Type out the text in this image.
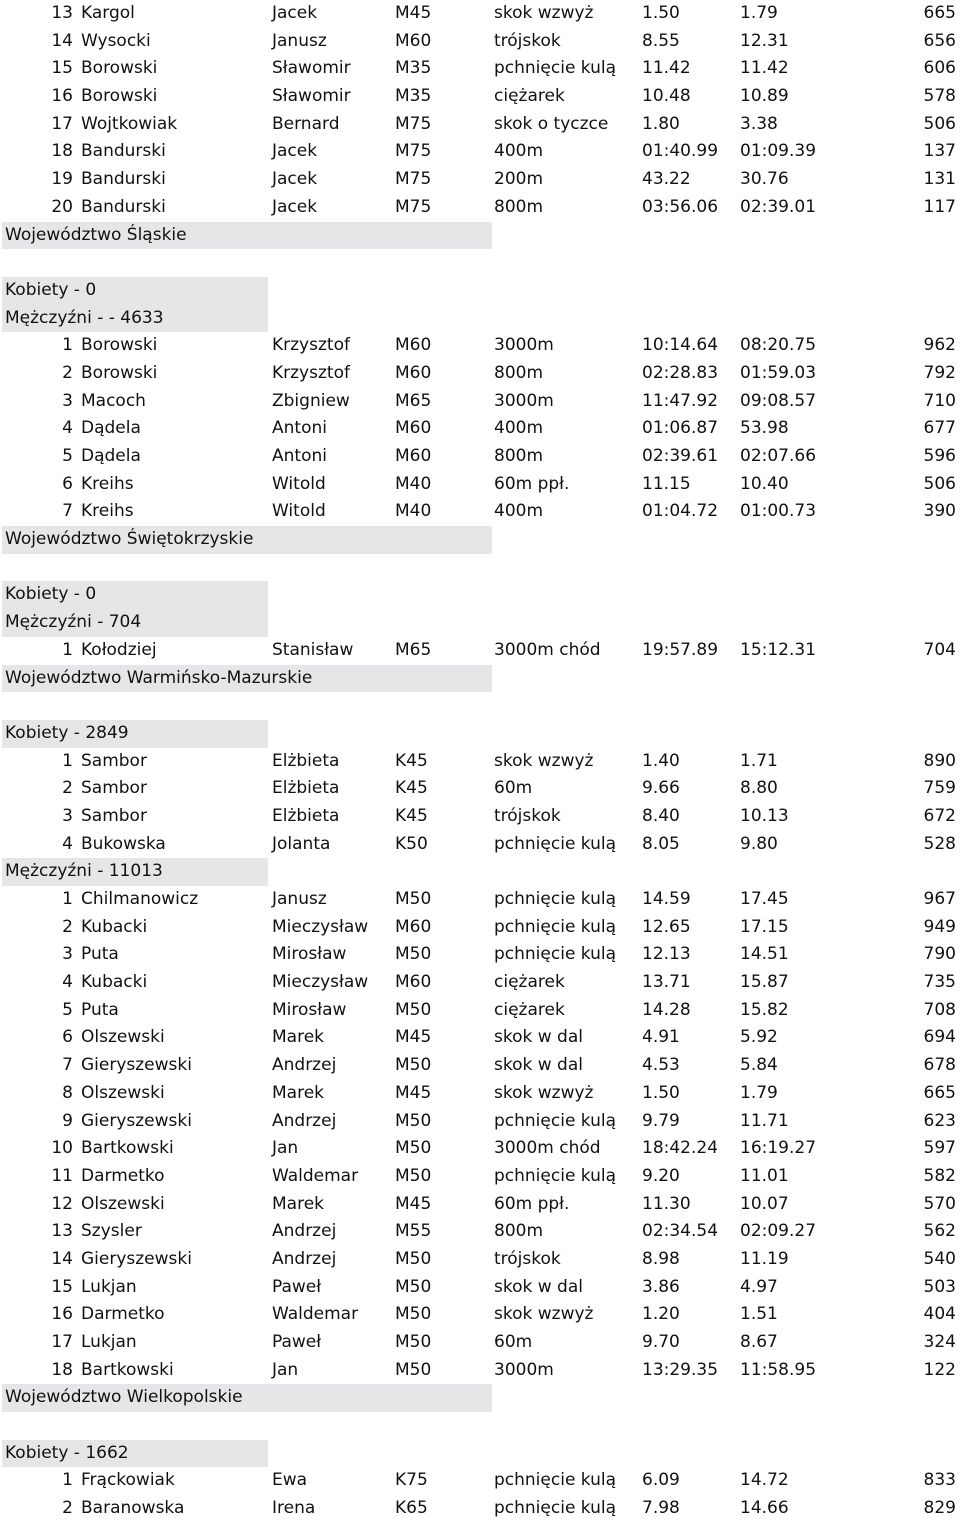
13 Kargol	Jacek	M45	skok wzwyż	1.50	1.79	665
14 Wysocki	Janusz	M60	trójskok	8.55	12.31	656
15 Borowski	Sławomir	M35	pchnięcie kulą 11.42	11.42	606
16 Borowski	Sławomir	M35	ciężarek	10.48	10.89	578
17 Wojtkowiak	Bernard	M75	skok o tyczce 1.80	3.38	506
18 Bandurski	Jacek	M75	400m	01:40.99 01:09.39	137
19 Bandurski	Jacek	M75	200m	43.22	30.76	131
20 Bandurski	Jacek	M75	800m	03:56.06 02:39.01	117
Województwo Śląskie
Kobiety - 0
Mężczyźni - - 4633
1 Borowski	Krzysztof	M60	3000m	10:14.64 08:20.75	962
2 Borowski	Krzysztof	M60	800m	02:28.83 01:59.03	792
3 Macoch	Zbigniew	M65	3000m	11:47.92 09:08.57	710
4 Dądela	Antoni	M60	400m	01:06.87 53.98	677
5 Dądela	Antoni	M60	800m	02:39.61 02:07.66	596
6 Kreihs	Witold	M40	60m ppł.	11.15	10.40	506
7 Kreihs	Witold	M40	400m	01:04.72 01:00.73	390
Województwo Świętokrzyskie
Kobiety - 0
Mężczyźni - 704
1 Kołodziej	Stanisław M65	3000m chód 19:57.89 15:12.31	704
Województwo Warmińsko-Mazurskie
Kobiety - 2849
1 Sambor	Elżbieta	K45	skok wzwyż	1.40	1.71	890
2 Sambor	Elżbieta	K45	60m	9.66	8.80	759
3 Sambor	Elżbieta	K45	trójskok	8.40	10.13	672
4 Bukowska	Jolanta	K50	pchnięcie kulą 8.05	9.80	528
Mężczyźni - 11013
1 Chilmanowicz	Janusz	M50	pchnięcie kulą 14.59	17.45	967
2 Kubacki	Mieczysław M60	pchnięcie kulą 12.65	17.15	949
3 Puta	Mirosław	M50	pchnięcie kulą 12.13	14.51	790
4 Kubacki	Mieczysław M60	ciężarek	13.71	15.87	735
5 Puta	Mirosław	M50	ciężarek	14.28	15.82	708
6 Olszewski	Marek	M45	skok w dal	4.91	5.92	694
7 Gieryszewski	Andrzej	M50	skok w dal	4.53	5.84	678
8 Olszewski	Marek	M45	skok wzwyż	1.50	1.79	665
9 Gieryszewski	Andrzej	M50	pchnięcie kulą 9.79	11.71	623
10 Bartkowski	Jan	M50	3000m chód 18:42.24 16:19.27	597
11 Darmetko	Waldemar M50	pchnięcie kulą 9.20	11.01	582
12 Olszewski	Marek	M45	60m ppł.	11.30	10.07	570
13 Szysler	Andrzej	M55	800m	02:34.54 02:09.27	562
14 Gieryszewski	Andrzej	M50	trójskok	8.98	11.19	540
15 Lukjan	Paweł	M50	skok w dal	3.86	4.97	503
16 Darmetko	Waldemar M50	skok wzwyż	1.20	1.51	404
17 Lukjan	Paweł	M50	60m	9.70	8.67	324
18 Bartkowski	Jan	M50	3000m	13:29.35 11:58.95	122
Województwo Wielkopolskie
Kobiety - 1662
1 Frąckowiak	Ewa	K75	pchnięcie kulą 6.09	14.72	833
2 Baranowska	Irena	K65	pchnięcie kulą 7.98	14.66	829
